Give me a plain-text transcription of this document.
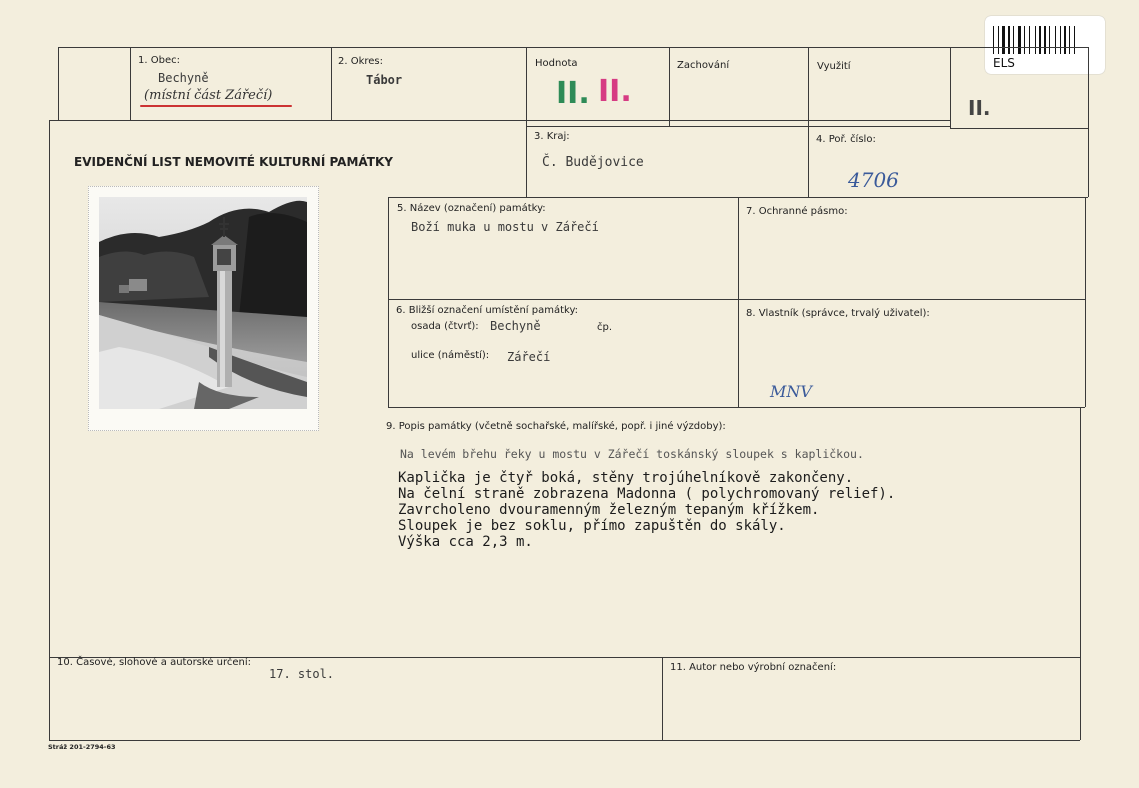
ELS
1. Obec:
Bechyně
(místní část Zářečí)
2. Okres:
Tábor
Hodnota
II. II.
Zachování	Využití
II.
EVIDENČNÍ LIST NEMOVITÉ KULTURNÍ PAMÁTKY
3. Kraj:
Č. Budějovice
4. Poř. číslo:
4706
5. Název (označení) památky:
Boží muka u mostu v Zářečí
7. Ochranné pásmo:
6. Bližší označení umístění památky:
osada (čtvrť): Bechyně	čp.
ulice (náměstí): Zářečí
8. Vlastník (správce, trvalý uživatel):
MNV
9. Popis památky (včetně sochařské, malířské, popř. i jiné výzdoby):
Na levém břehu řeky u mostu v Zářečí toskánský sloupek s kapličkou.
Kaplička je čtyř boká, stěny trojúhelníkově zakončeny.
Na čelní straně zobrazena Madonna ( polychromovaný relief).
Zavrcholeno dvouramenným železným tepaným křížkem.
Sloupek je bez soklu, přímo zapuštěn do skály.
Výška cca 2,3 m.
10. Časové, slohové a autorské určení:
17. stol.	11. Autor nebo výrobní označení:
Stráž 201-2794-63
